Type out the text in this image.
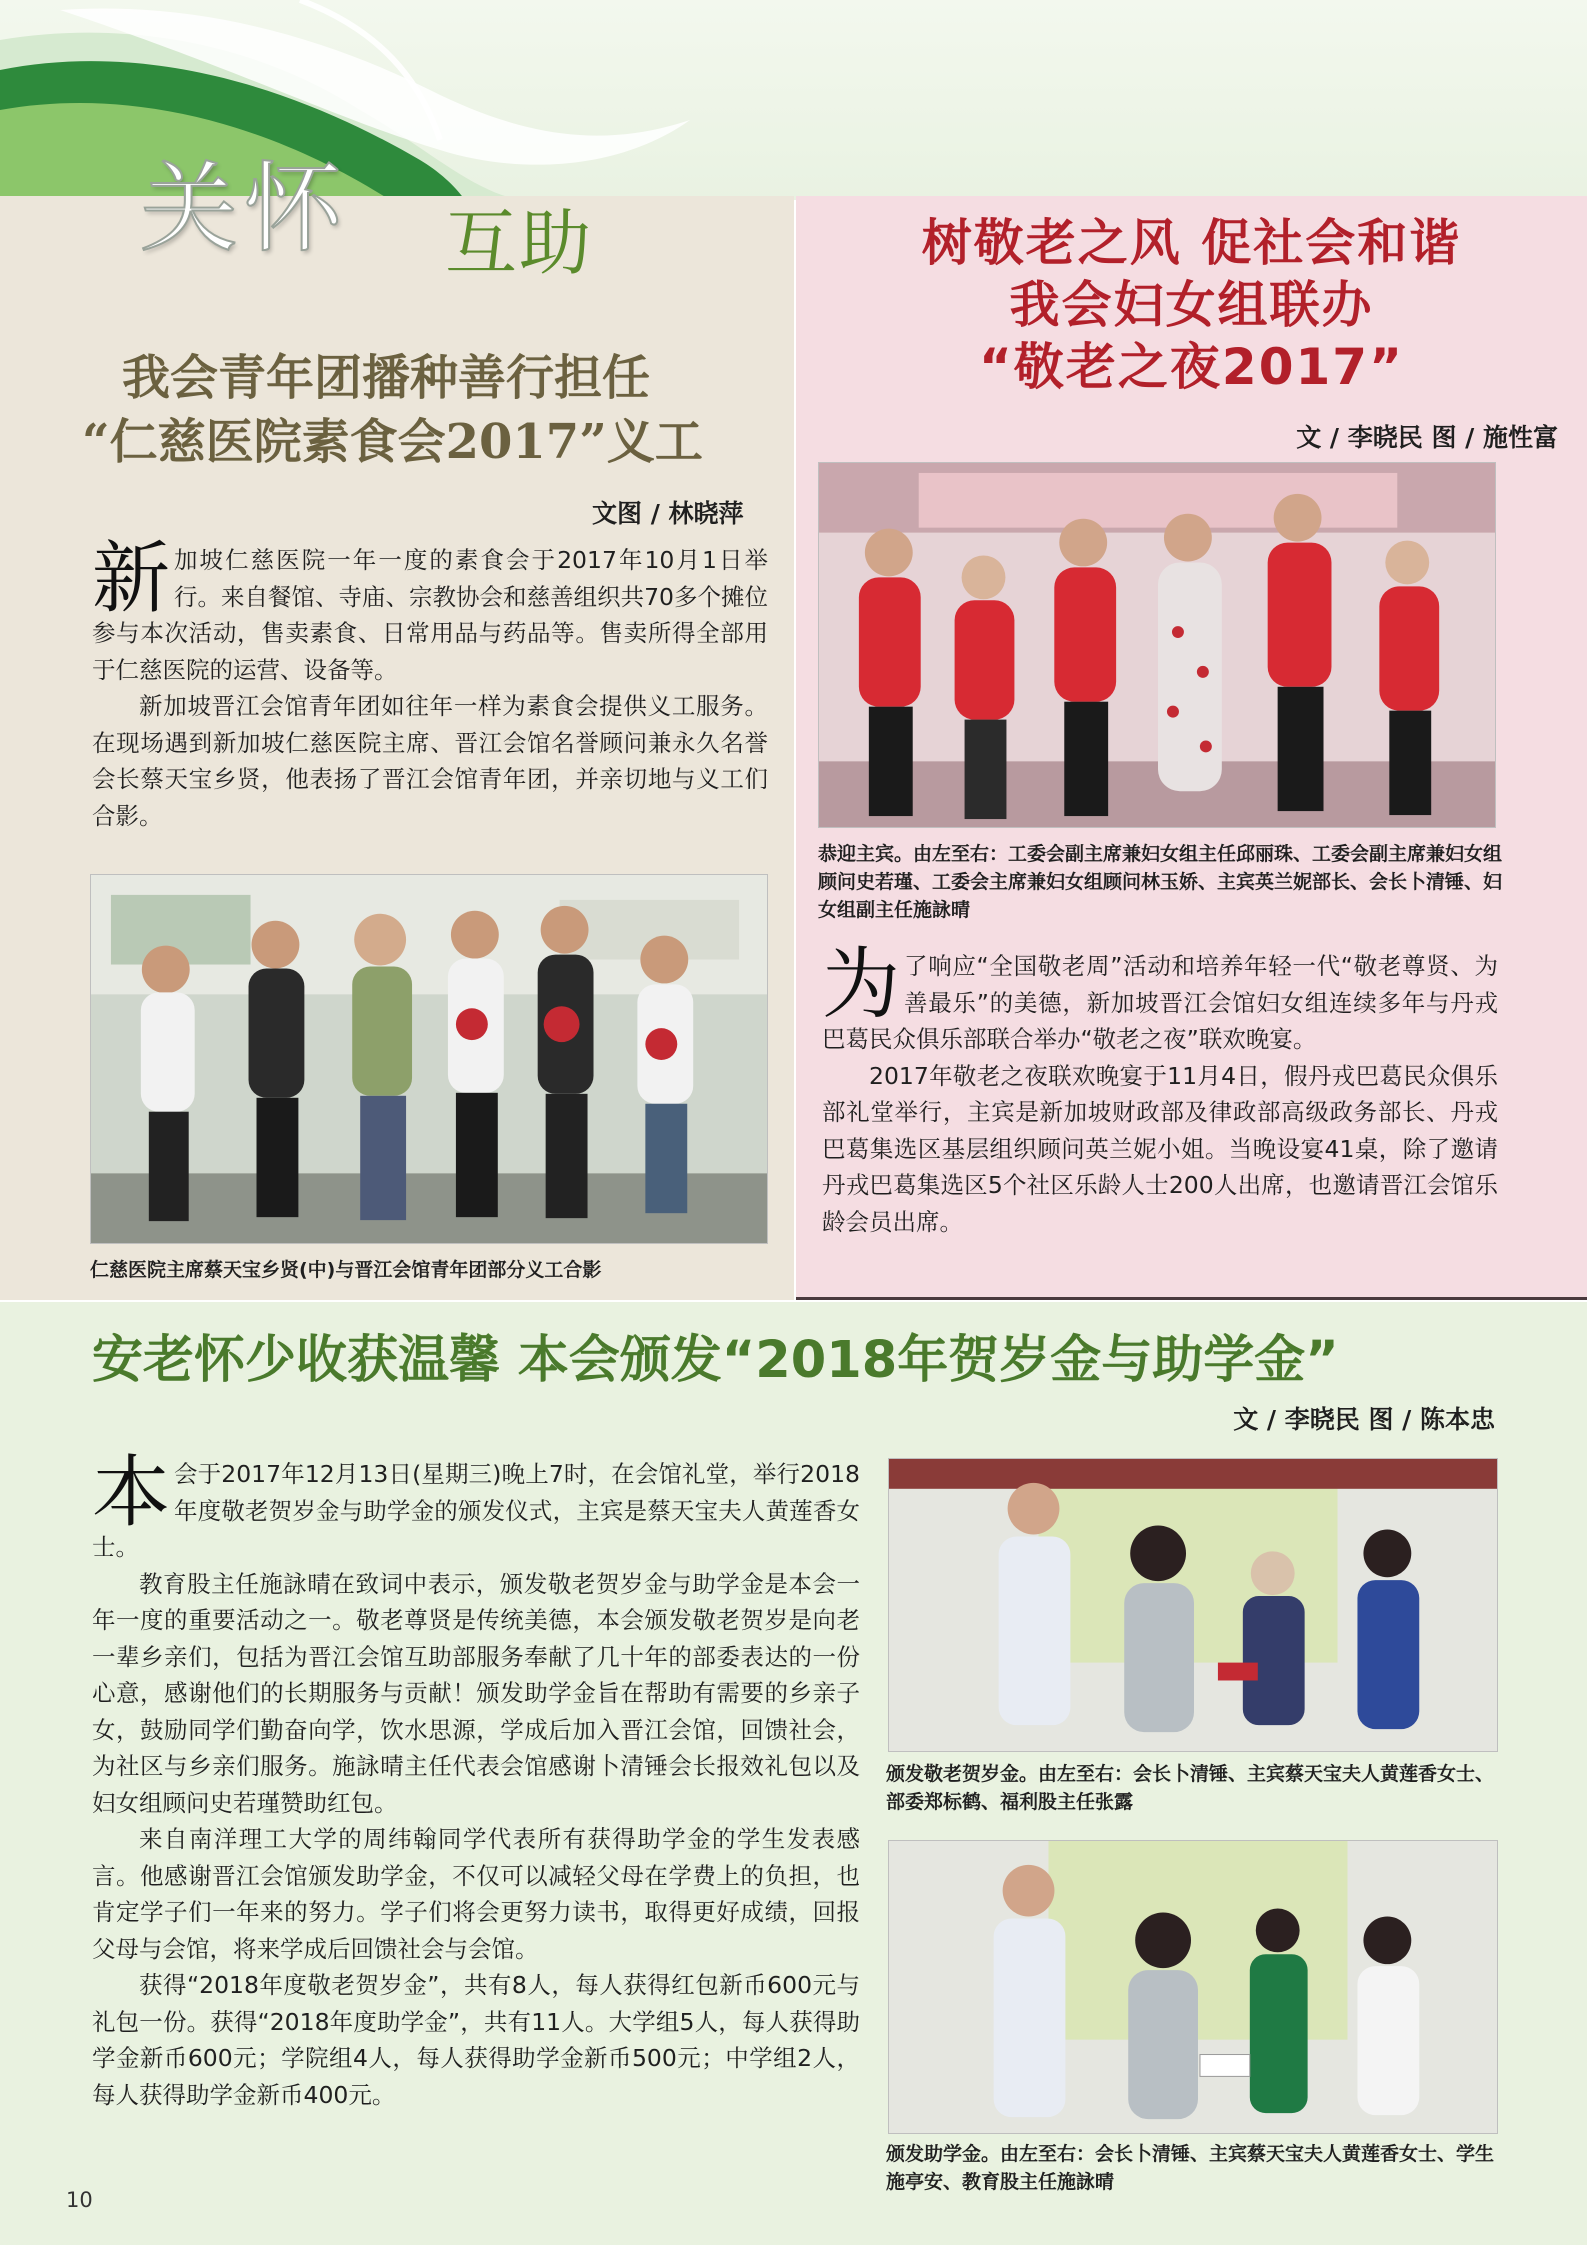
关怀 互助
我会青年团播种善行担任
“仁慈医院素食会2017”义工
文图 / 林晓萍

新加坡仁慈医院一年一度的素食会于2017年10月1日举行。来自餐馆、寺庙、宗教协会和慈善组织共70多个摊位参与本次活动，售卖素食、日常用品与药品等。售卖所得全部用于仁慈医院的运营、设备等。

新加坡晋江会馆青年团如往年一样为素食会提供义工服务。在现场遇到新加坡仁慈医院主席、晋江会馆名誉顾问兼永久名誉会长蔡天宝乡贤，他表扬了晋江会馆青年团，并亲切地与义工们合影。

仁慈医院主席蔡天宝乡贤(中)与晋江会馆青年团部分义工合影
树敬老之风 促社会和谐
我会妇女组联办
“敬老之夜2017”
文 / 李晓民 图 / 施性富
恭迎主宾。由左至右：工委会副主席兼妇女组主任邱丽珠、工委会副主席兼妇女组顾问史若瑾、工委会主席兼妇女组顾问林玉娇、主宾英兰妮部长、会长卜清锤、妇女组副主任施詠晴

为了响应“全国敬老周”活动和培养年轻一代“敬老尊贤、为善最乐”的美德，新加坡晋江会馆妇女组连续多年与丹戎巴葛民众俱乐部联合举办“敬老之夜”联欢晚宴。

2017年敬老之夜联欢晚宴于11月4日，假丹戎巴葛民众俱乐部礼堂举行，主宾是新加坡财政部及律政部高级政务部长、丹戎巴葛集选区基层组织顾问英兰妮小姐。当晚设宴41桌，除了邀请丹戎巴葛集选区5个社区乐龄人士200人出席，也邀请晋江会馆乐龄会员出席。

安老怀少收获温馨 本会颁发“2018年贺岁金与助学金”
文 / 李晓民 图 / 陈本忠

本会于2017年12月13日(星期三)晚上7时，在会馆礼堂，举行2018年度敬老贺岁金与助学金的颁发仪式，主宾是蔡天宝夫人黄莲香女士。

教育股主任施詠晴在致词中表示，颁发敬老贺岁金与助学金是本会一年一度的重要活动之一。敬老尊贤是传统美德，本会颁发敬老贺岁是向老一辈乡亲们，包括为晋江会馆互助部服务奉献了几十年的部委表达的一份心意，感谢他们的长期服务与贡献！颁发助学金旨在帮助有需要的乡亲子女，鼓励同学们勤奋向学，饮水思源，学成后加入晋江会馆，回馈社会，为社区与乡亲们服务。施詠晴主任代表会馆感谢卜清锤会长报效礼包以及妇女组顾问史若瑾赞助红包。

来自南洋理工大学的周纬翰同学代表所有获得助学金的学生发表感言。他感谢晋江会馆颁发助学金，不仅可以减轻父母在学费上的负担，也肯定学子们一年来的努力。学子们将会更努力读书，取得更好成绩，回报父母与会馆，将来学成后回馈社会与会馆。

获得“2018年度敬老贺岁金”，共有8人，每人获得红包新币600元与礼包一份。获得“2018年度助学金”，共有11人。大学组5人，每人获得助学金新币600元；学院组4人，每人获得助学金新币500元；中学组2人，每人获得助学金新币400元。

颁发敬老贺岁金。由左至右：会长卜清锤、主宾蔡天宝夫人黄莲香女士、部委郑标鹤、福利股主任张露
颁发助学金。由左至右：会长卜清锤、主宾蔡天宝夫人黄莲香女士、学生施亭安、教育股主任施詠晴
10
